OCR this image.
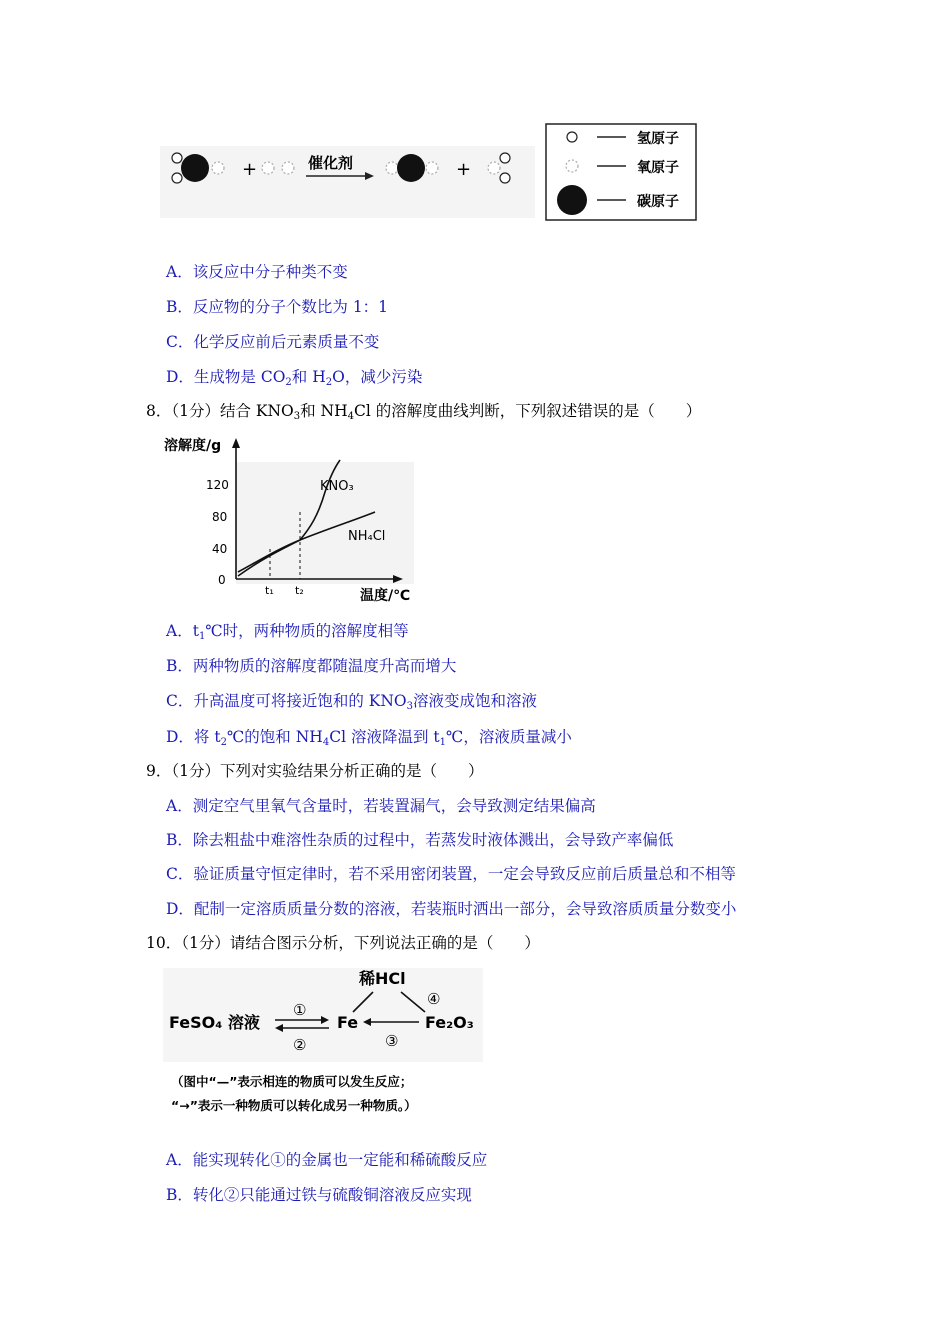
+	催化剂	+
氢原子
氧原子
碳原子
A．该反应中分子种类不变
B．反应物的分子个数比为 1：1
C．化学反应前后元素质量不变
D．生成物是 $CO_2$和 $H_2O$，减少污染
8．（1分）结合 $KNO_3$和 $NH_4Cl$ 的溶解度曲线判断，下列叙述错误的是（　　）
溶解度/g
温度/℃
120
80
40
0
t₁ t₂
KNO₃
NH₄Cl
A．$t_1℃$时，两种物质的溶解度相等
B．两种物质的溶解度都随温度升高而增大
C．升高温度可将接近饱和的 $KNO_3$溶液变成饱和溶液
D．将 $t_2℃$的饱和 $NH_4Cl$ 溶液降温到 $t_1℃$，溶液质量减小
9．（1分）下列对实验结果分析正确的是（　　）
A．测定空气里氧气含量时，若装置漏气，会导致测定结果偏高
B．除去粗盐中难溶性杂质的过程中，若蒸发时液体溅出，会导致产率偏低
C．验证质量守恒定律时，若不采用密闭装置，一定会导致反应前后质量总和不相等
D．配制一定溶质质量分数的溶液，若装瓶时洒出一部分，会导致溶质质量分数变小
10．（1分）请结合图示分析，下列说法正确的是（　　）
稀HCl
④
FeSO₄ 溶液	Fe	Fe₂O₃
①
②	③
（图中“—”表示相连的物质可以发生反应；
“→”表示一种物质可以转化成另一种物质。）
A．能实现转化①的金属也一定能和稀硫酸反应
B．转化②只能通过铁与硫酸铜溶液反应实现
